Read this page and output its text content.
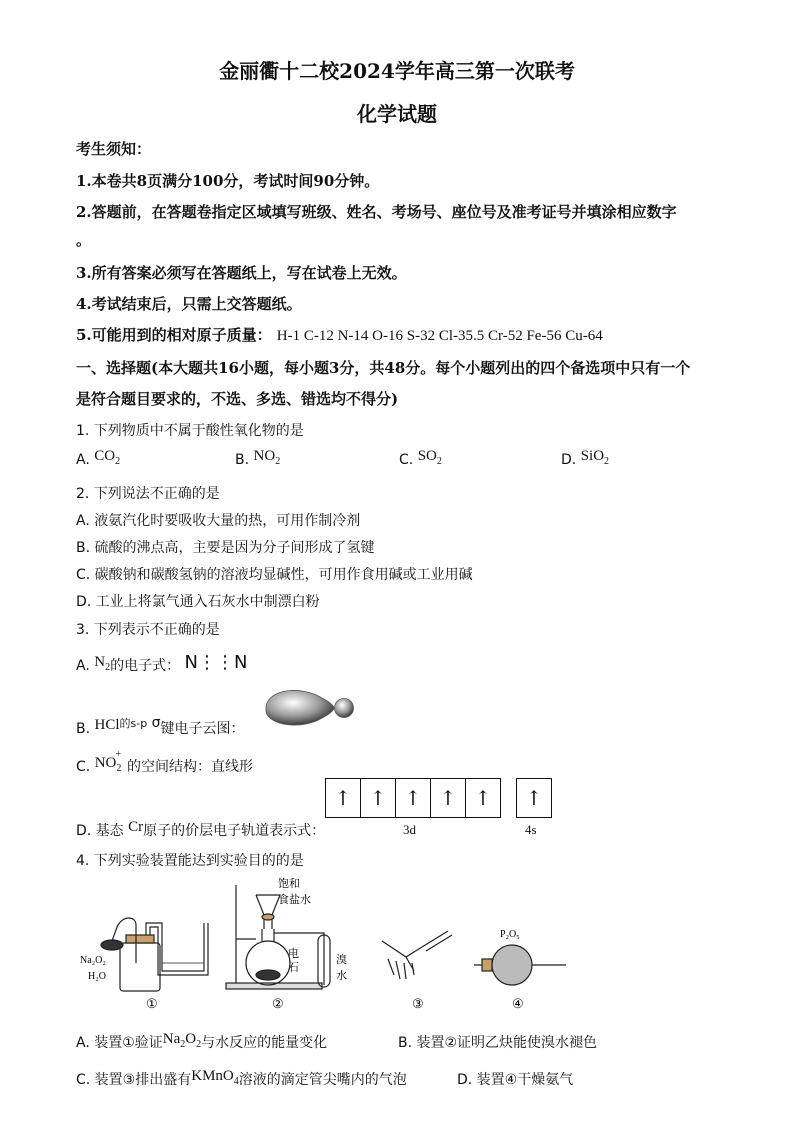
金丽衢十二校2024学年高三第一次联考
化学试题
考生须知：
1.本卷共8页满分100分，考试时间90分钟。
2.答题前，在答题卷指定区域填写班级、姓名、考场号、座位号及准考证号并填涂相应数字
。
3.所有答案必须写在答题纸上，写在试卷上无效。
4.考试结束后，只需上交答题纸。
5.可能用到的相对原子质量： H-1 C-12 N-14 O-16 S-32 Cl-35.5 Cr-52 Fe-56 Cu-64
一、选择题(本大题共16小题，每小题3分，共48分。每个小题列出的四个备选项中只有一个
是符合题目要求的，不选、多选、错选均不得分)
1. 下列物质中不属于酸性氧化物的是
A. $CO_2$	B. $NO_2$	C. $SO_2$	D. SiO$_2$
2. 下列说法不正确的是
A. 液氨汽化时要吸收大量的热，可用作制冷剂
B. 硫酸的沸点高，主要是因为分子间形成了氢键
C. 碳酸钠和碳酸氢钠的溶液均显碱性，可用作食用碱或工业用碱
D. 工业上将氯气通入石灰水中制漂白粉
3. 下列表示不正确的是
A. $N_2$的电子式： N⋮⋮N
B. HCl$^{的s-p}$ σ键电子云图：
C. $NO_2^+$的空间结构：直线形
D. 基态 Cr原子的价层电子轨道表示式：
↑ ↑ ↑ ↑ ↑	↑
3d	4s
4. 下列实验装置能达到实验目的的是
Na₂O₂
H₂O
①
饱和
食盐水
电
石
溴
水
②	③
P₂O₅
④
A. 装置①验证$Na_2O_2$与水反应的能量变化	B. 装置②证明乙炔能使溴水褪色
C. 装置③排出盛有KMnO$_4$溶液的滴定管尖嘴内的气泡	D. 装置④干燥氨气
